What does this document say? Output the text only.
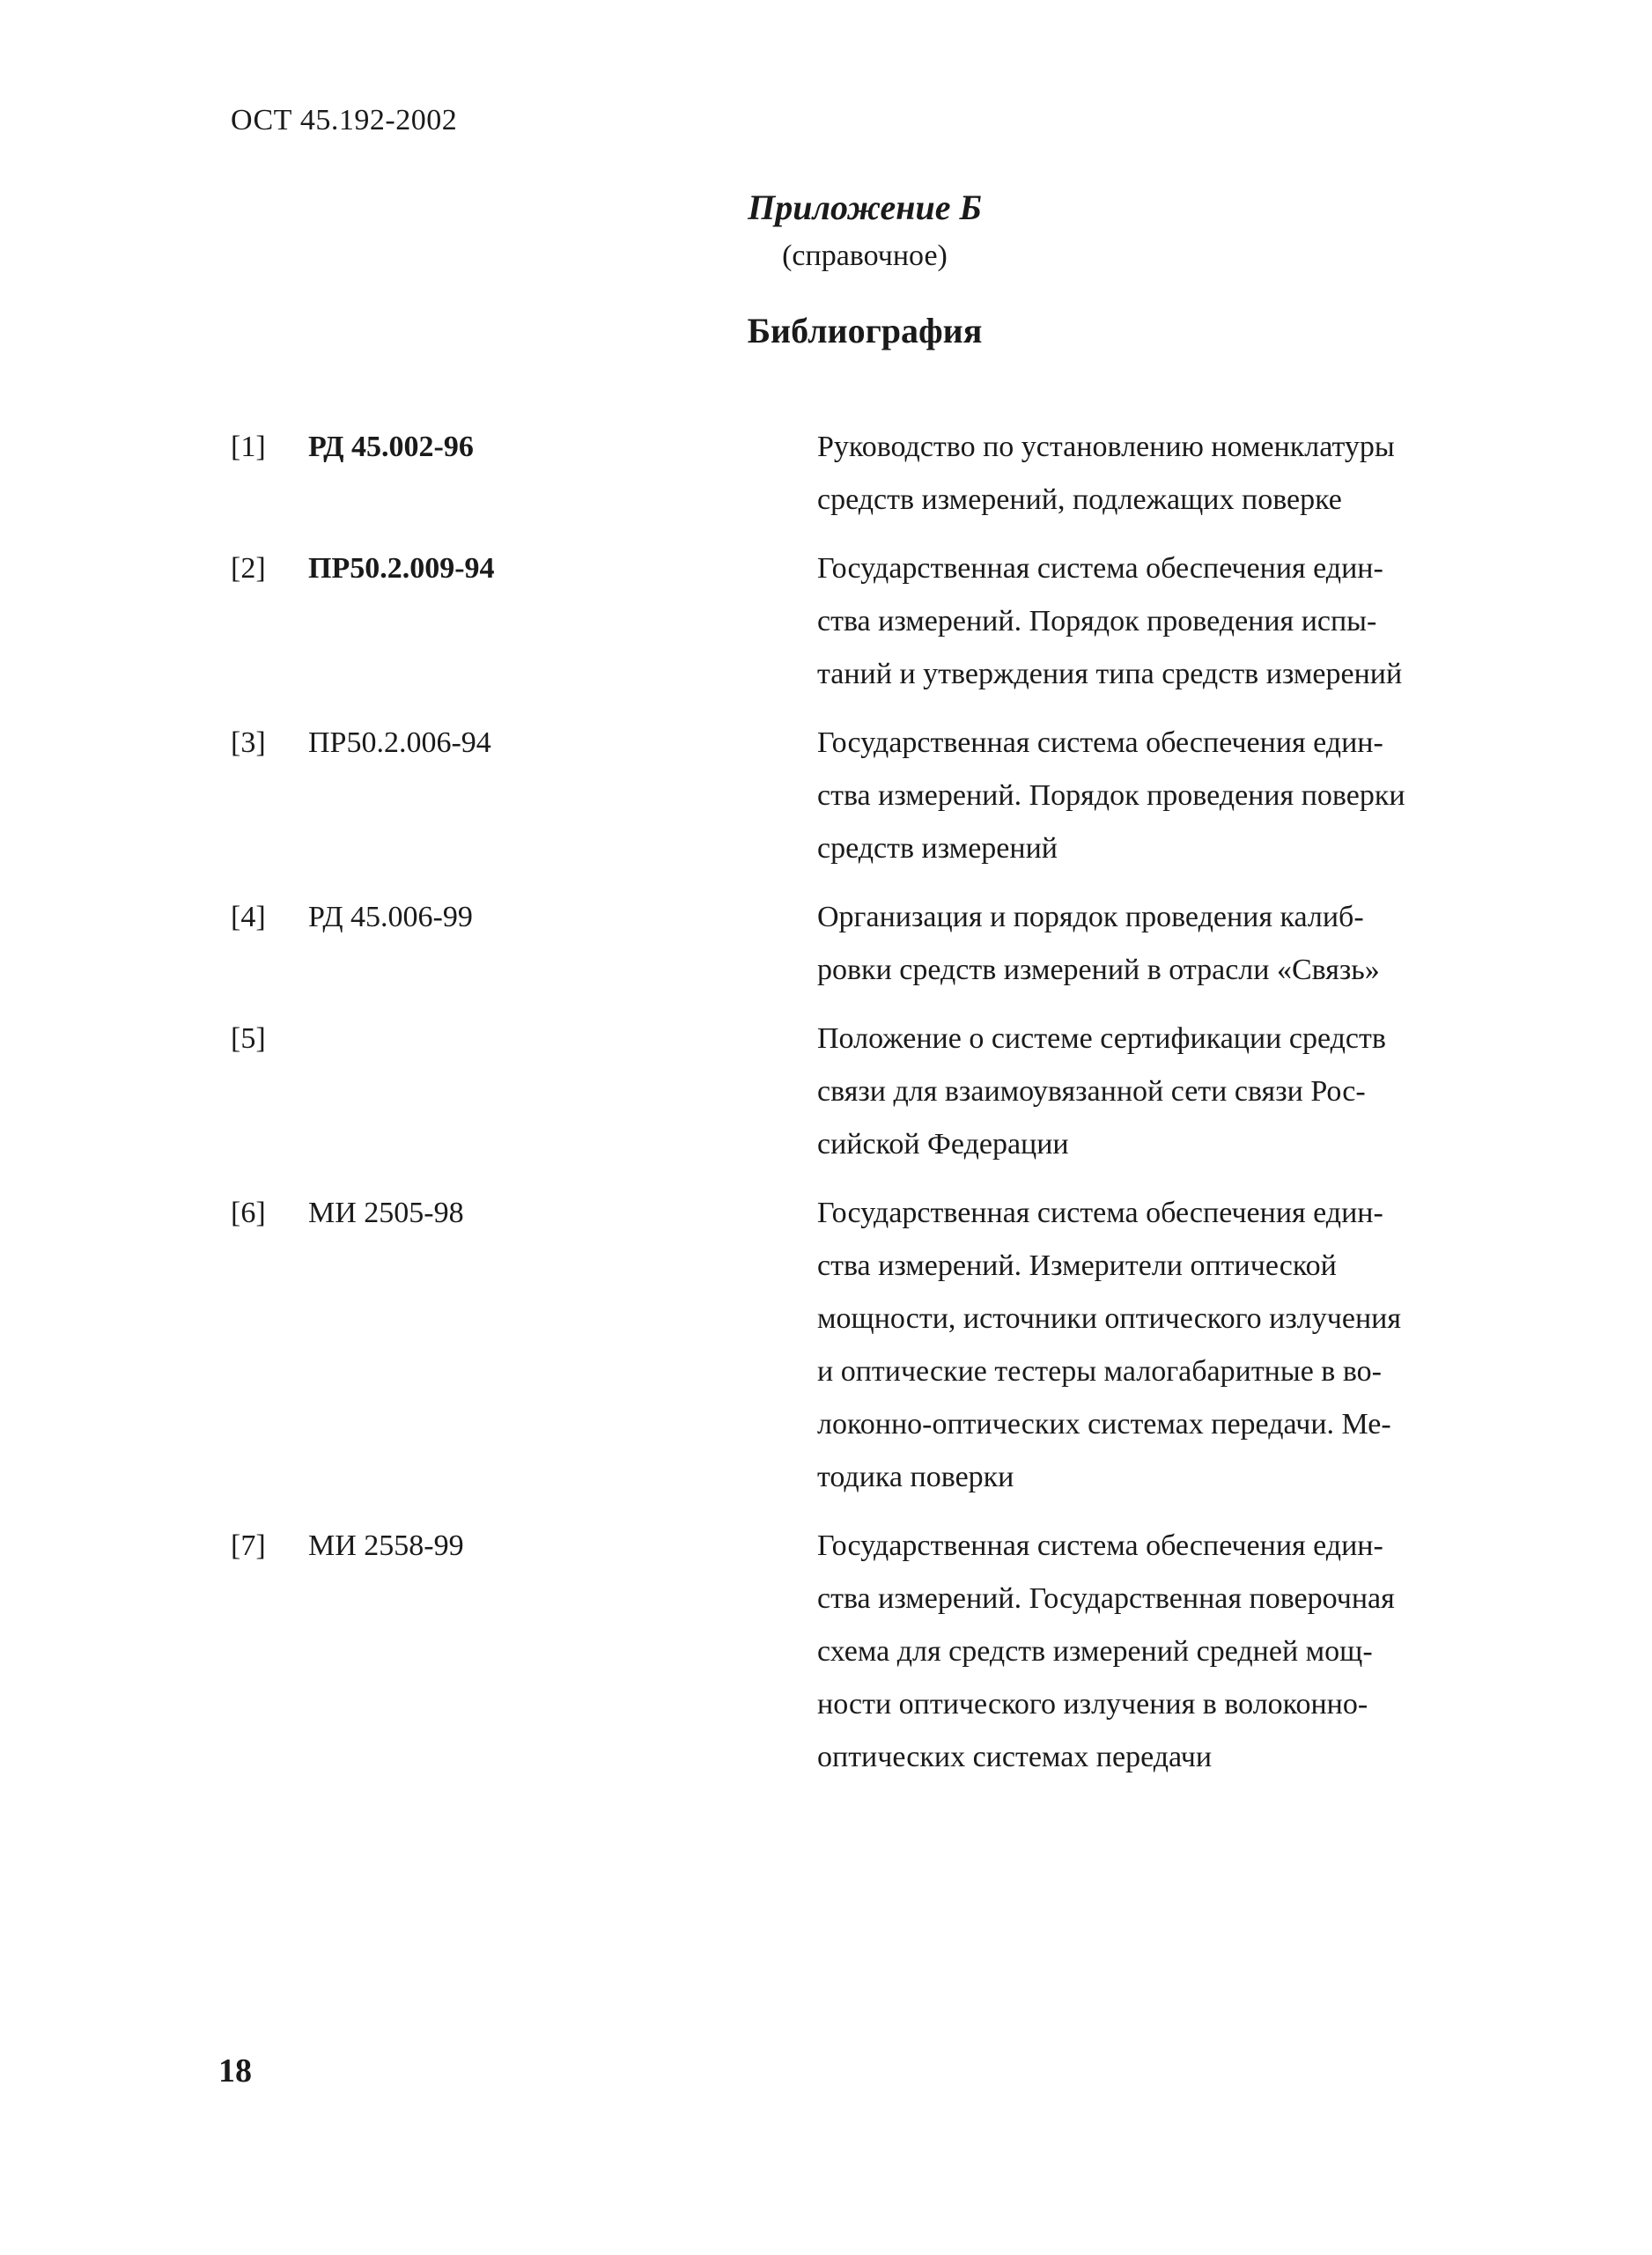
ОСТ 45.192-2002
Приложение Б
(справочное)
Библиография
[1] РД 45.002-96	Руководство по установлению номенклатуры
средств измерений, подлежащих поверке
[2] ПР50.2.009-94	Государственная система обеспечения един-
ства измерений. Порядок проведения испы-
таний и утверждения типа средств измерений
[3] ПР50.2.006-94	Государственная система обеспечения един-
ства измерений. Порядок проведения поверки
средств измерений
[4] РД 45.006-99	Организация и порядок проведения калиб-
ровки средств измерений в отрасли «Связь»
[5]	Положение о системе сертификации средств
связи для взаимоувязанной сети связи Рос-
сийской Федерации
[6] МИ 2505-98	Государственная система обеспечения един-
ства измерений. Измерители оптической
мощности, источники оптического излучения
и оптические тестеры малогабаритные в во-
локонно-оптических системах передачи. Ме-
тодика поверки
[7] МИ 2558-99	Государственная система обеспечения един-
ства измерений. Государственная поверочная
схема для средств измерений средней мощ-
ности оптического излучения в волоконно-
оптических системах передачи
18
